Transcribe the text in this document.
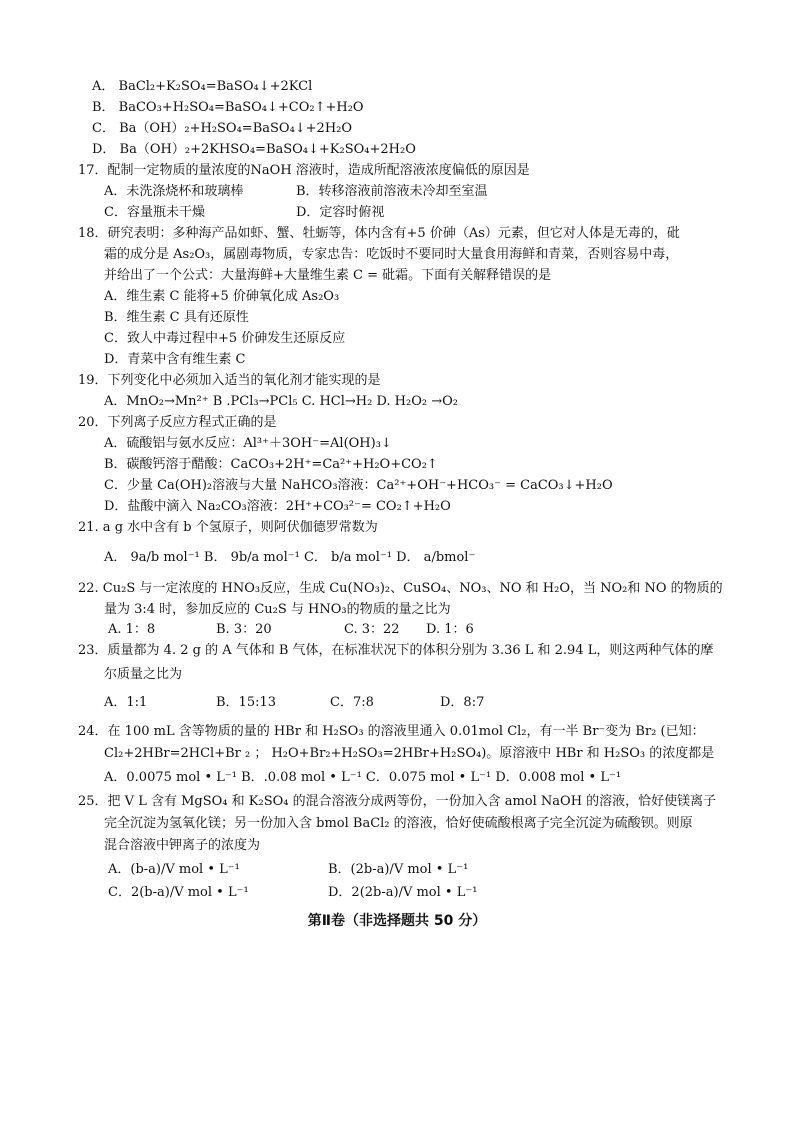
A． BaCl₂+K₂SO₄=BaSO₄↓+2KCl
B． BaCO₃+H₂SO₄=BaSO₄↓+CO₂↑+H₂O
C． Ba（OH）₂+H₂SO₄=BaSO₄↓+2H₂O
D． Ba（OH）₂+2KHSO₄=BaSO₄↓+K₂SO₄+2H₂O
17．配制一定物质的量浓度的NaOH 溶液时，造成所配溶液浓度偏低的原因是
A．未洗涤烧杯和玻璃棒	B．转移溶液前溶液未冷却至室温
C．容量瓶未干燥	D．定容时俯视
18．研究表明：多种海产品如虾、蟹、牡蛎等，体内含有+5 价砷（As）元素，但它对人体是无毒的，砒
霜的成分是 As₂O₃，属剧毒物质，专家忠告：吃饭时不要同时大量食用海鲜和青菜，否则容易中毒，
并给出了一个公式：大量海鲜+大量维生素 C = 砒霜。下面有关解释错误的是
A．维生素 C 能将+5 价砷氧化成 As₂O₃
B．维生素 C 具有还原性
C．致人中毒过程中+5 价砷发生还原反应
D．青菜中含有维生素 C
19．下列变化中必须加入适当的氧化剂才能实现的是
A．MnO₂→Mn²⁺ B .PCl₃→PCl₅ C. HCl→H₂ D. H₂O₂ →O₂
20．下列离子反应方程式正确的是
A．硫酸铝与氨水反应：Al³⁺＋3OH⁻=Al(OH)₃↓
B．碳酸钙溶于醋酸：CaCO₃+2H⁺=Ca²⁺+H₂O+CO₂↑
C．少量 Ca(OH)₂溶液与大量 NaHCO₃溶液：Ca²⁺+OH⁻+HCO₃⁻ = CaCO₃↓+H₂O
D．盐酸中滴入 Na₂CO₃溶液：2H⁺+CO₃²⁻= CO₂↑+H₂O
21. a g 水中含有 b 个氢原子，则阿伏伽德罗常数为
A． 9a/b mol⁻¹ B． 9b/a mol⁻¹ C． b/a mol⁻¹ D． a/bmol⁻
22. Cu₂S 与一定浓度的 HNO₃反应，生成 Cu(NO₃)₂、CuSO₄、NO₃、NO 和 H₂O，当 NO₂和 NO 的物质的
量为 3:4 时，参加反应的 Cu₂S 与 HNO₃的物质的量之比为
A. 1：8	B. 3：20	C. 3：22 D. 1：6
23．质量都为 4. 2 g 的 A 气体和 B 气体，在标准状况下的体积分别为 3.36 L 和 2.94 L，则这两种气体的摩
尔质量之比为
A．1:1	B．15:13	C．7:8	D．8:7
24．在 100 mL 含等物质的量的 HBr 和 H₂SO₃ 的溶液里通入 0.01mol Cl₂，有一半 Br⁻变为 Br₂ (已知：
Cl₂+2HBr=2HCl+Br ₂ ； H₂O+Br₂+H₂SO₃=2HBr+H₂SO₄)。原溶液中 HBr 和 H₂SO₃ 的浓度都是
A．0.0075 mol • L⁻¹ B．.0.08 mol • L⁻¹ C．0.075 mol • L⁻¹ D．0.008 mol • L⁻¹
25．把 V L 含有 MgSO₄ 和 K₂SO₄ 的混合溶液分成两等份，一份加入含 amol NaOH 的溶液，恰好使镁离子
完全沉淀为氢氧化镁；另一份加入含 bmol BaCl₂ 的溶液，恰好使硫酸根离子完全沉淀为硫酸钡。则原
混合溶液中钾离子的浓度为
A．(b-a)/V mol • L⁻¹	B．(2b-a)/V mol • L⁻¹
C．2(b-a)/V mol • L⁻¹	D．2(2b-a)/V mol • L⁻¹
第Ⅱ卷（非选择题共 50 分）
